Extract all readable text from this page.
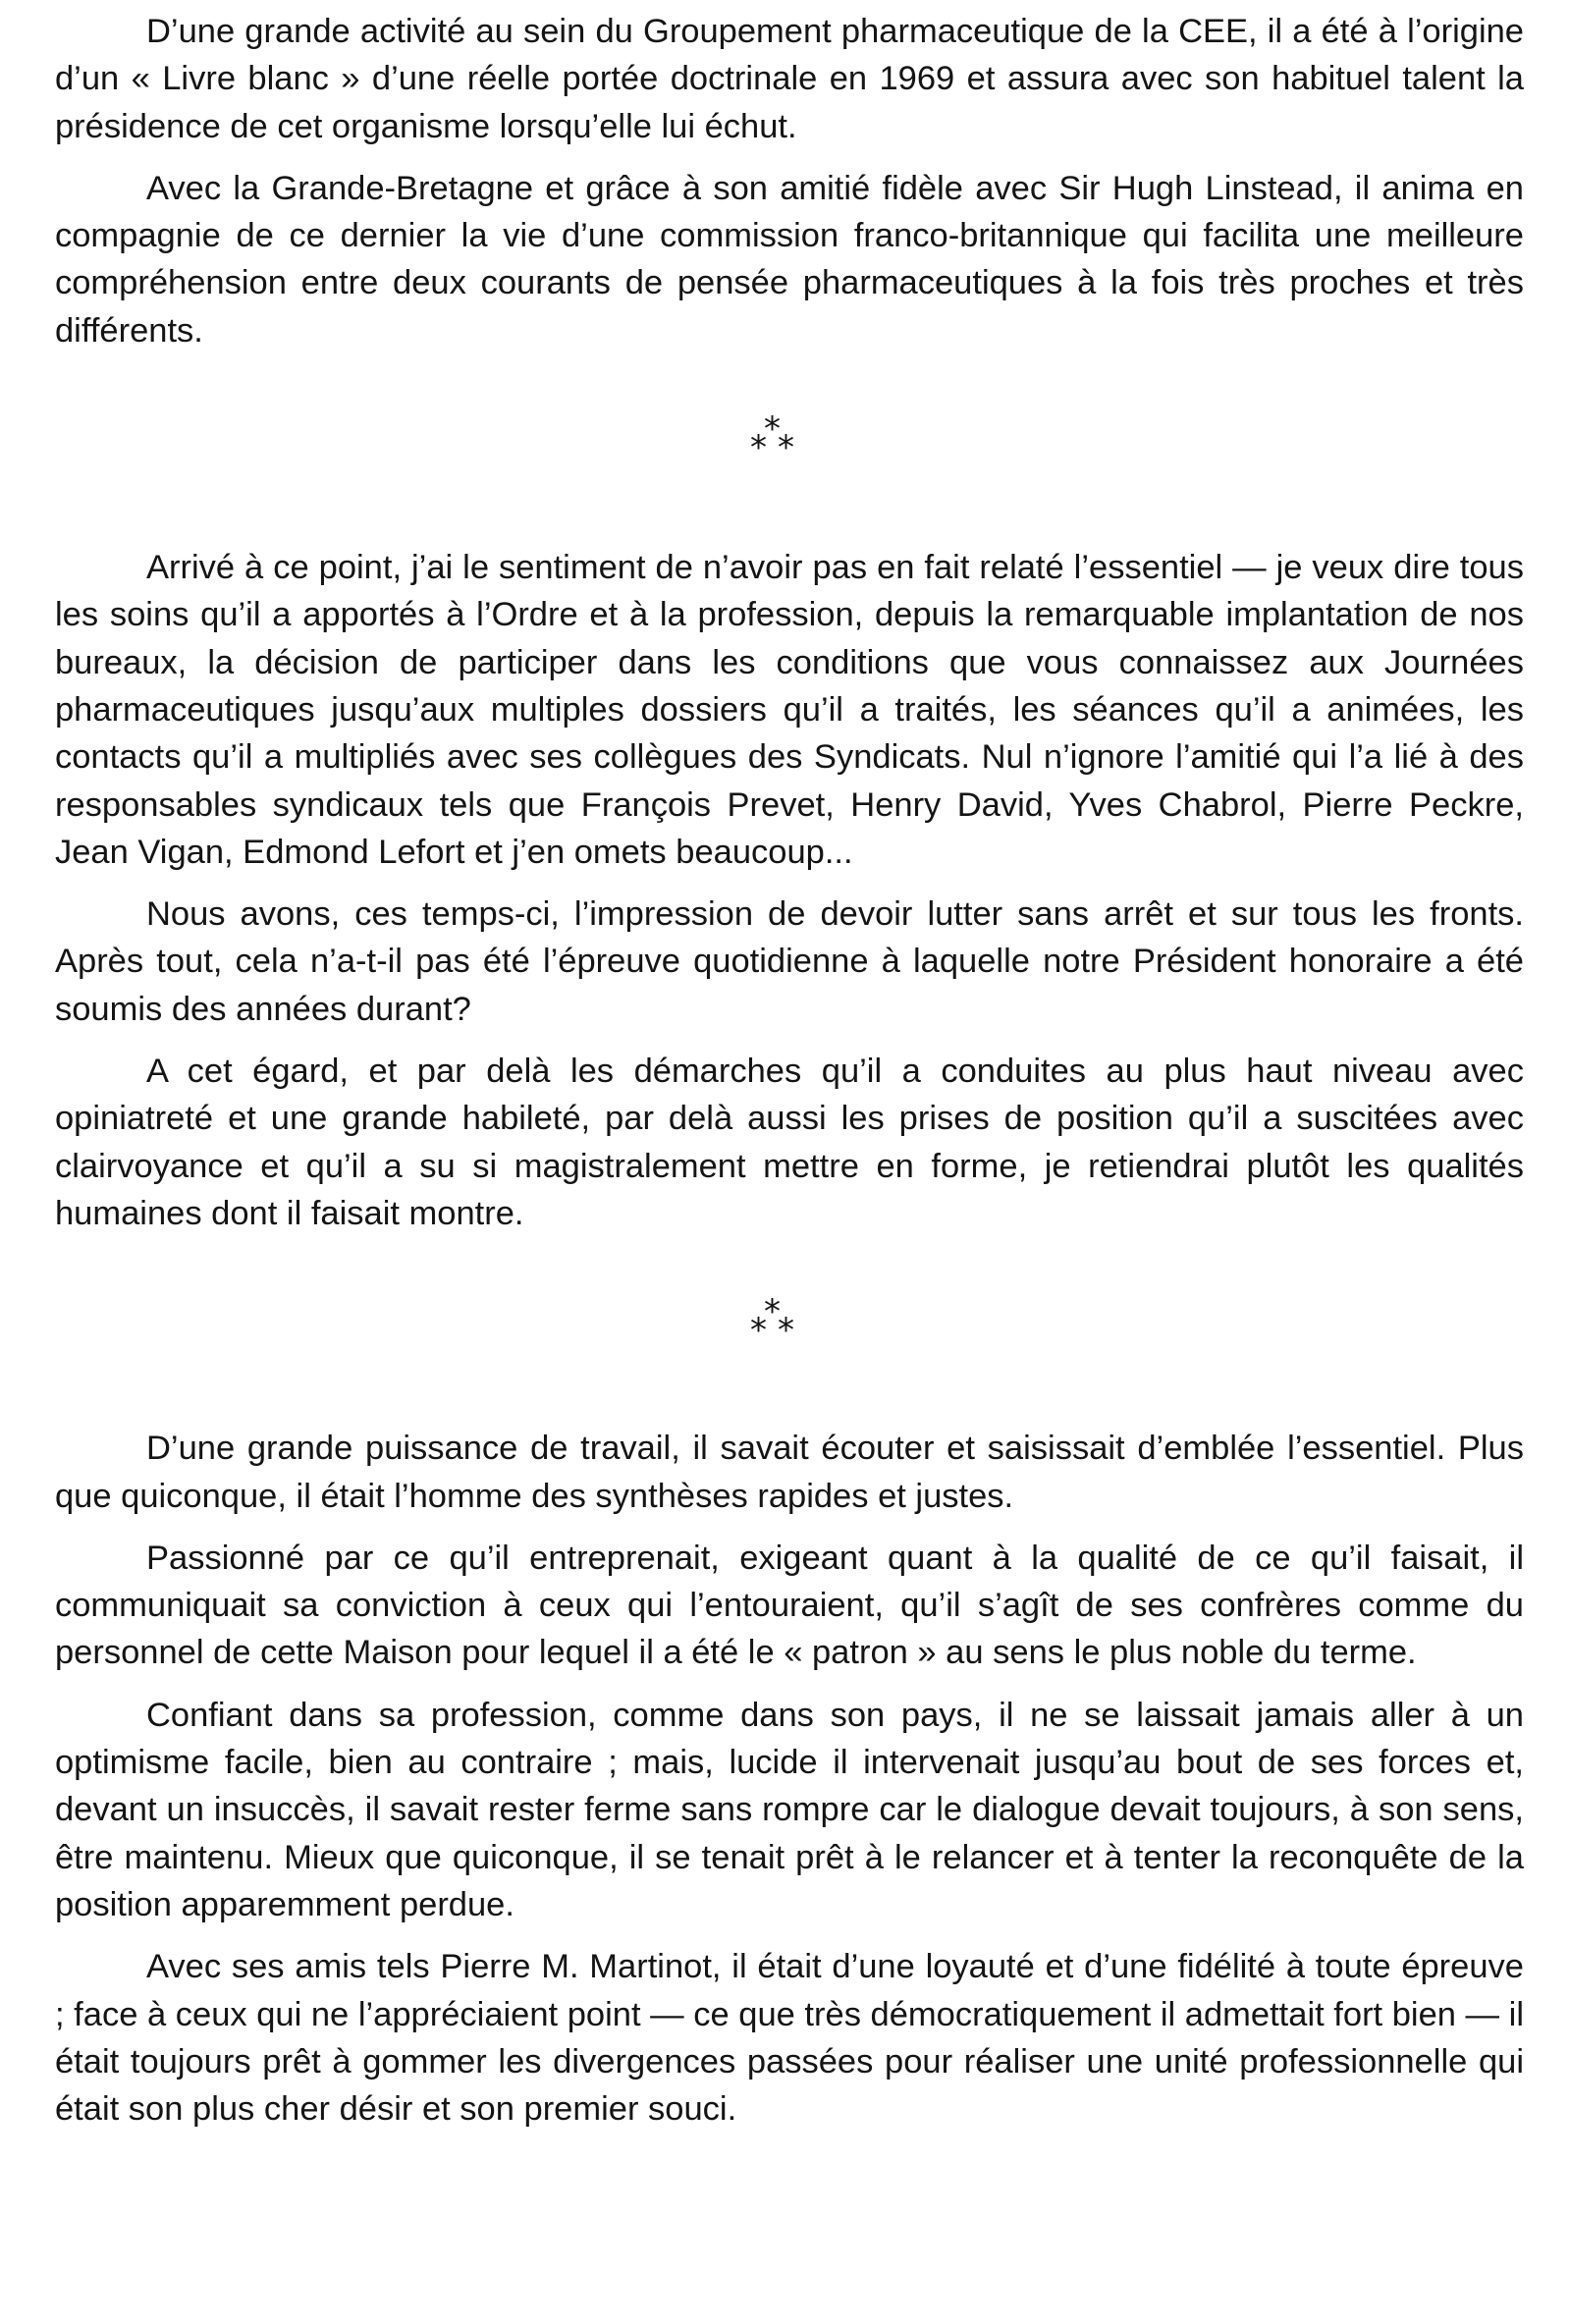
D’une grande activité au sein du Groupement pharmaceutique de la CEE, il a été à l’origine d’un « Livre blanc » d’une réelle portée doctrinale en 1969 et assura avec son habituel talent la présidence de cet organisme lorsqu’elle lui échut.

Avec la Grande-Bretagne et grâce à son amitié fidèle avec Sir Hugh Linstead, il anima en compagnie de ce dernier la vie d’une commission franco-britannique qui facilita une meilleure compréhension entre deux courants de pensée pharmaceutiques à la fois très proches et très différents.

*
* *

Arrivé à ce point, j’ai le sentiment de n’avoir pas en fait relaté l’essentiel — je veux dire tous les soins qu’il a apportés à l’Ordre et à la profession, depuis la remarquable implantation de nos bureaux, la décision de participer dans les conditions que vous connaissez aux Journées pharmaceutiques jusqu’aux multiples dossiers qu’il a traités, les séances qu’il a animées, les contacts qu’il a multipliés avec ses collègues des Syndicats. Nul n’ignore l’amitié qui l’a lié à des responsables syndicaux tels que François Prevet, Henry David, Yves Chabrol, Pierre Peckre, Jean Vigan, Edmond Lefort et j’en omets beaucoup...

Nous avons, ces temps-ci, l’impression de devoir lutter sans arrêt et sur tous les fronts. Après tout, cela n’a-t-il pas été l’épreuve quotidienne à laquelle notre Président honoraire a été soumis des années durant?

A cet égard, et par delà les démarches qu’il a conduites au plus haut niveau avec opiniatreté et une grande habileté, par delà aussi les prises de position qu’il a suscitées avec clairvoyance et qu’il a su si magistralement mettre en forme, je retiendrai plutôt les qualités humaines dont il faisait montre.

*
* *

D’une grande puissance de travail, il savait écouter et saisissait d’emblée l’essentiel. Plus que quiconque, il était l’homme des synthèses rapides et justes.

Passionné par ce qu’il entreprenait, exigeant quant à la qualité de ce qu’il faisait, il communiquait sa conviction à ceux qui l’entouraient, qu’il s’agît de ses confrères comme du personnel de cette Maison pour lequel il a été le « patron » au sens le plus noble du terme.

Confiant dans sa profession, comme dans son pays, il ne se laissait jamais aller à un optimisme facile, bien au contraire ; mais, lucide il intervenait jusqu’au bout de ses forces et, devant un insuccès, il savait rester ferme sans rompre car le dialogue devait toujours, à son sens, être maintenu. Mieux que quiconque, il se tenait prêt à le relancer et à tenter la reconquête de la position apparemment perdue.

Avec ses amis tels Pierre M. Martinot, il était d’une loyauté et d’une fidélité à toute épreuve ; face à ceux qui ne l’appréciaient point — ce que très démocratiquement il admettait fort bien — il était toujours prêt à gommer les divergences passées pour réaliser une unité professionnelle qui était son plus cher désir et son premier souci.
